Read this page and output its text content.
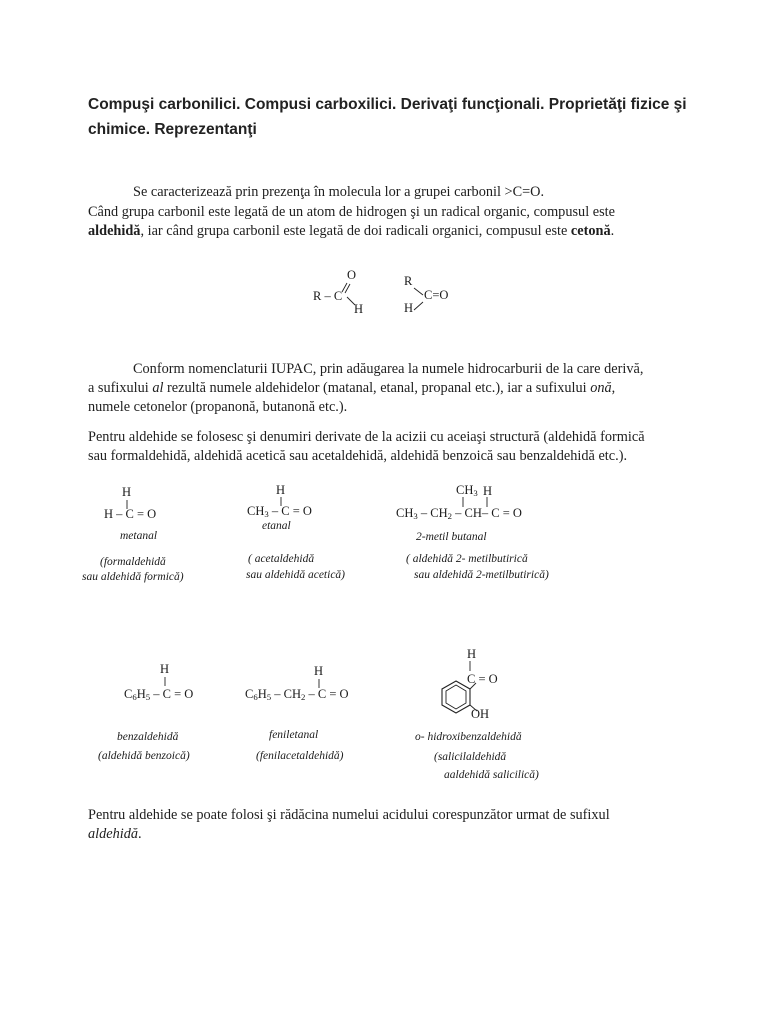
Compuşi carbonilici. Compusi carboxilici. Derivaţi funcţionali. Proprietăţi fizice şi
chimice. Reprezentanţi
Se caracterizează prin prezenţa în molecula lor a grupei carbonil >C=O.
Când grupa carbonil este legată de un atom de hidrogen şi un radical organic, compusul este
aldehidă, iar când grupa carbonil este legată de doi radicali organici, compusul este cetonă.
O
R – C
H
R
C=O
H
Conform nomenclaturii IUPAC, prin adăugarea la numele hidrocarburii de la care derivă,
a sufixului al rezultă numele aldehidelor (matanal, etanal, propanal etc.), iar a sufixului onă,
numele cetonelor (propanonă, butanonă etc.).
Pentru aldehide se folosesc şi denumiri derivate de la acizii cu aceiaşi structură (aldehidă formică
sau formaldehidă, aldehidă acetică sau acetaldehidă, aldehidă benzoică sau benzaldehidă etc.).
H
H – C = O
metanal
(formaldehidă
sau aldehidă formică)
H
$CH_3 - C = O$
etanal
( acetaldehidă
sau aldehidă acetică)
$CH_3$ H
$CH_3 - CH_2 - CH-$ C = O
2-metil butanal
( aldehidă 2- metilbutirică
sau aldehidă 2-metilbutirică)
H
$C_6H_5 - C = O$
benzaldehidă
(aldehidă benzoică)
H
$C_6H_5 - CH_2 - C = O$
feniletanal
(fenilacetaldehidă)
H
C = O
OH
o- hidroxibenzaldehidă
(salicilaldehidă
aaldehidă salicilică)
Pentru aldehide se poate folosi şi rădăcina numelui acidului corespunzător urmat de sufixul
aldehidă.
